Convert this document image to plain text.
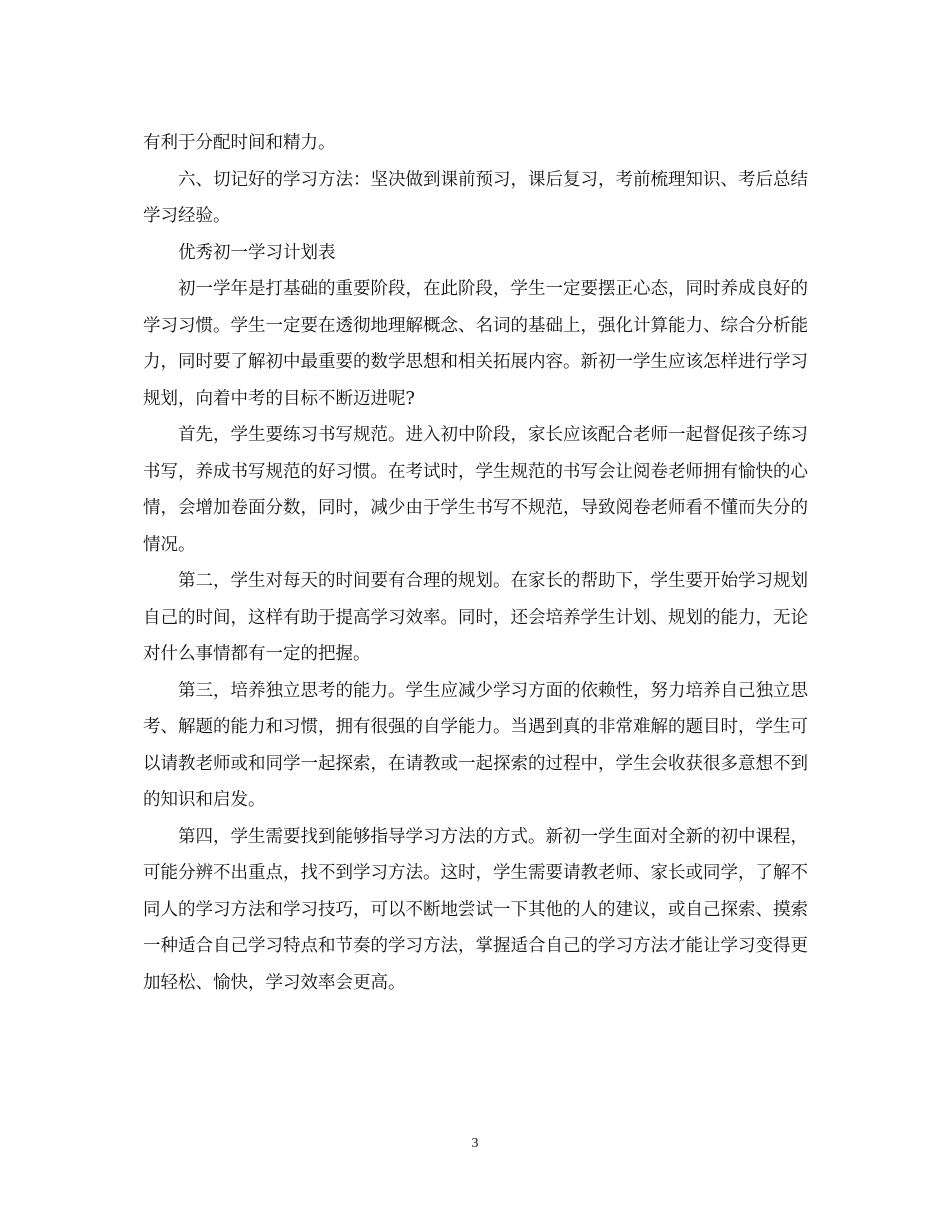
有利于分配时间和精力。

六、切记好的学习方法：坚决做到课前预习，课后复习，考前梳理知识、考后总结学习经验。

优秀初一学习计划表

初一学年是打基础的重要阶段，在此阶段，学生一定要摆正心态，同时养成良好的学习习惯。学生一定要在透彻地理解概念、名词的基础上，强化计算能力、综合分析能力，同时要了解初中最重要的数学思想和相关拓展内容。新初一学生应该怎样进行学习规划，向着中考的目标不断迈进呢?

首先，学生要练习书写规范。进入初中阶段，家长应该配合老师一起督促孩子练习书写，养成书写规范的好习惯。在考试时，学生规范的书写会让阅卷老师拥有愉快的心情，会增加卷面分数，同时，减少由于学生书写不规范，导致阅卷老师看不懂而失分的情况。

第二，学生对每天的时间要有合理的规划。在家长的帮助下，学生要开始学习规划自己的时间，这样有助于提高学习效率。同时，还会培养学生计划、规划的能力，无论对什么事情都有一定的把握。

第三，培养独立思考的能力。学生应减少学习方面的依赖性，努力培养自己独立思考、解题的能力和习惯，拥有很强的自学能力。当遇到真的非常难解的题目时，学生可以请教老师或和同学一起探索，在请教或一起探索的过程中，学生会收获很多意想不到的知识和启发。

第四，学生需要找到能够指导学习方法的方式。新初一学生面对全新的初中课程，可能分辨不出重点，找不到学习方法。这时，学生需要请教老师、家长或同学，了解不同人的学习方法和学习技巧，可以不断地尝试一下其他的人的建议，或自己探索、摸索一种适合自己学习特点和节奏的学习方法，掌握适合自己的学习方法才能让学习变得更加轻松、愉快，学习效率会更高。

3
